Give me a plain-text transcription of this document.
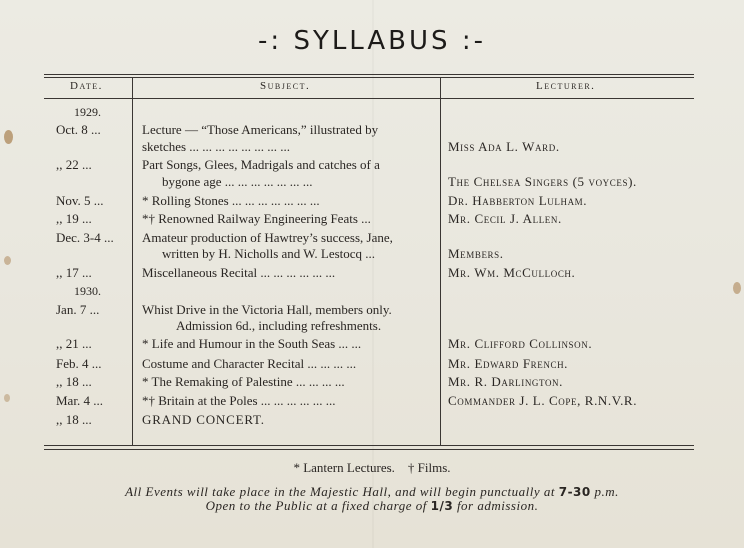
-: SYLLABUS :-
Date.	Subject.	Lecturer.
1929.
Oct. 8 ...	Lecture — “Those Americans,” illustrated by
sketches ... ... ... ... ... ... ... ...	Miss Ada L. Ward.
,, 22 ...	Part Songs, Glees, Madrigals and catches of a
bygone age ... ... ... ... ... ... ...	The Chelsea Singers (5 voyces).
Nov. 5 ...	* Rolling Stones ... ... ... ... ... ... ...	Dr. Habberton Lulham.
,, 19 ...	*† Renowned Railway Engineering Feats ...	Mr. Cecil J. Allen.
Dec. 3-4 ...	Amateur production of Hawtrey’s success, Jane,
written by H. Nicholls and W. Lestocq ...	Members.
,, 17 ...	Miscellaneous Recital ... ... ... ... ... ...	Mr. Wm. McCulloch.
1930.
Jan. 7 ...	Whist Drive in the Victoria Hall, members only.
Admission 6d., including refreshments.
,, 21 ...	* Life and Humour in the South Seas ... ...	Mr. Clifford Collinson.
Feb. 4 ...	Costume and Character Recital ... ... ... ...	Mr. Edward French.
,, 18 ...	* The Remaking of Palestine ... ... ... ...	Mr. R. Darlington.
Mar. 4 ...	*† Britain at the Poles ... ... ... ... ... ...	Commander J. L. Cope, R.N.V.R.
,, 18 ...	GRAND CONCERT.
* Lantern Lectures.    † Films.
All Events will take place in the Majestic Hall, and will begin punctually at 7-30 p.m.
Open to the Public at a fixed charge of 1/3 for admission.
